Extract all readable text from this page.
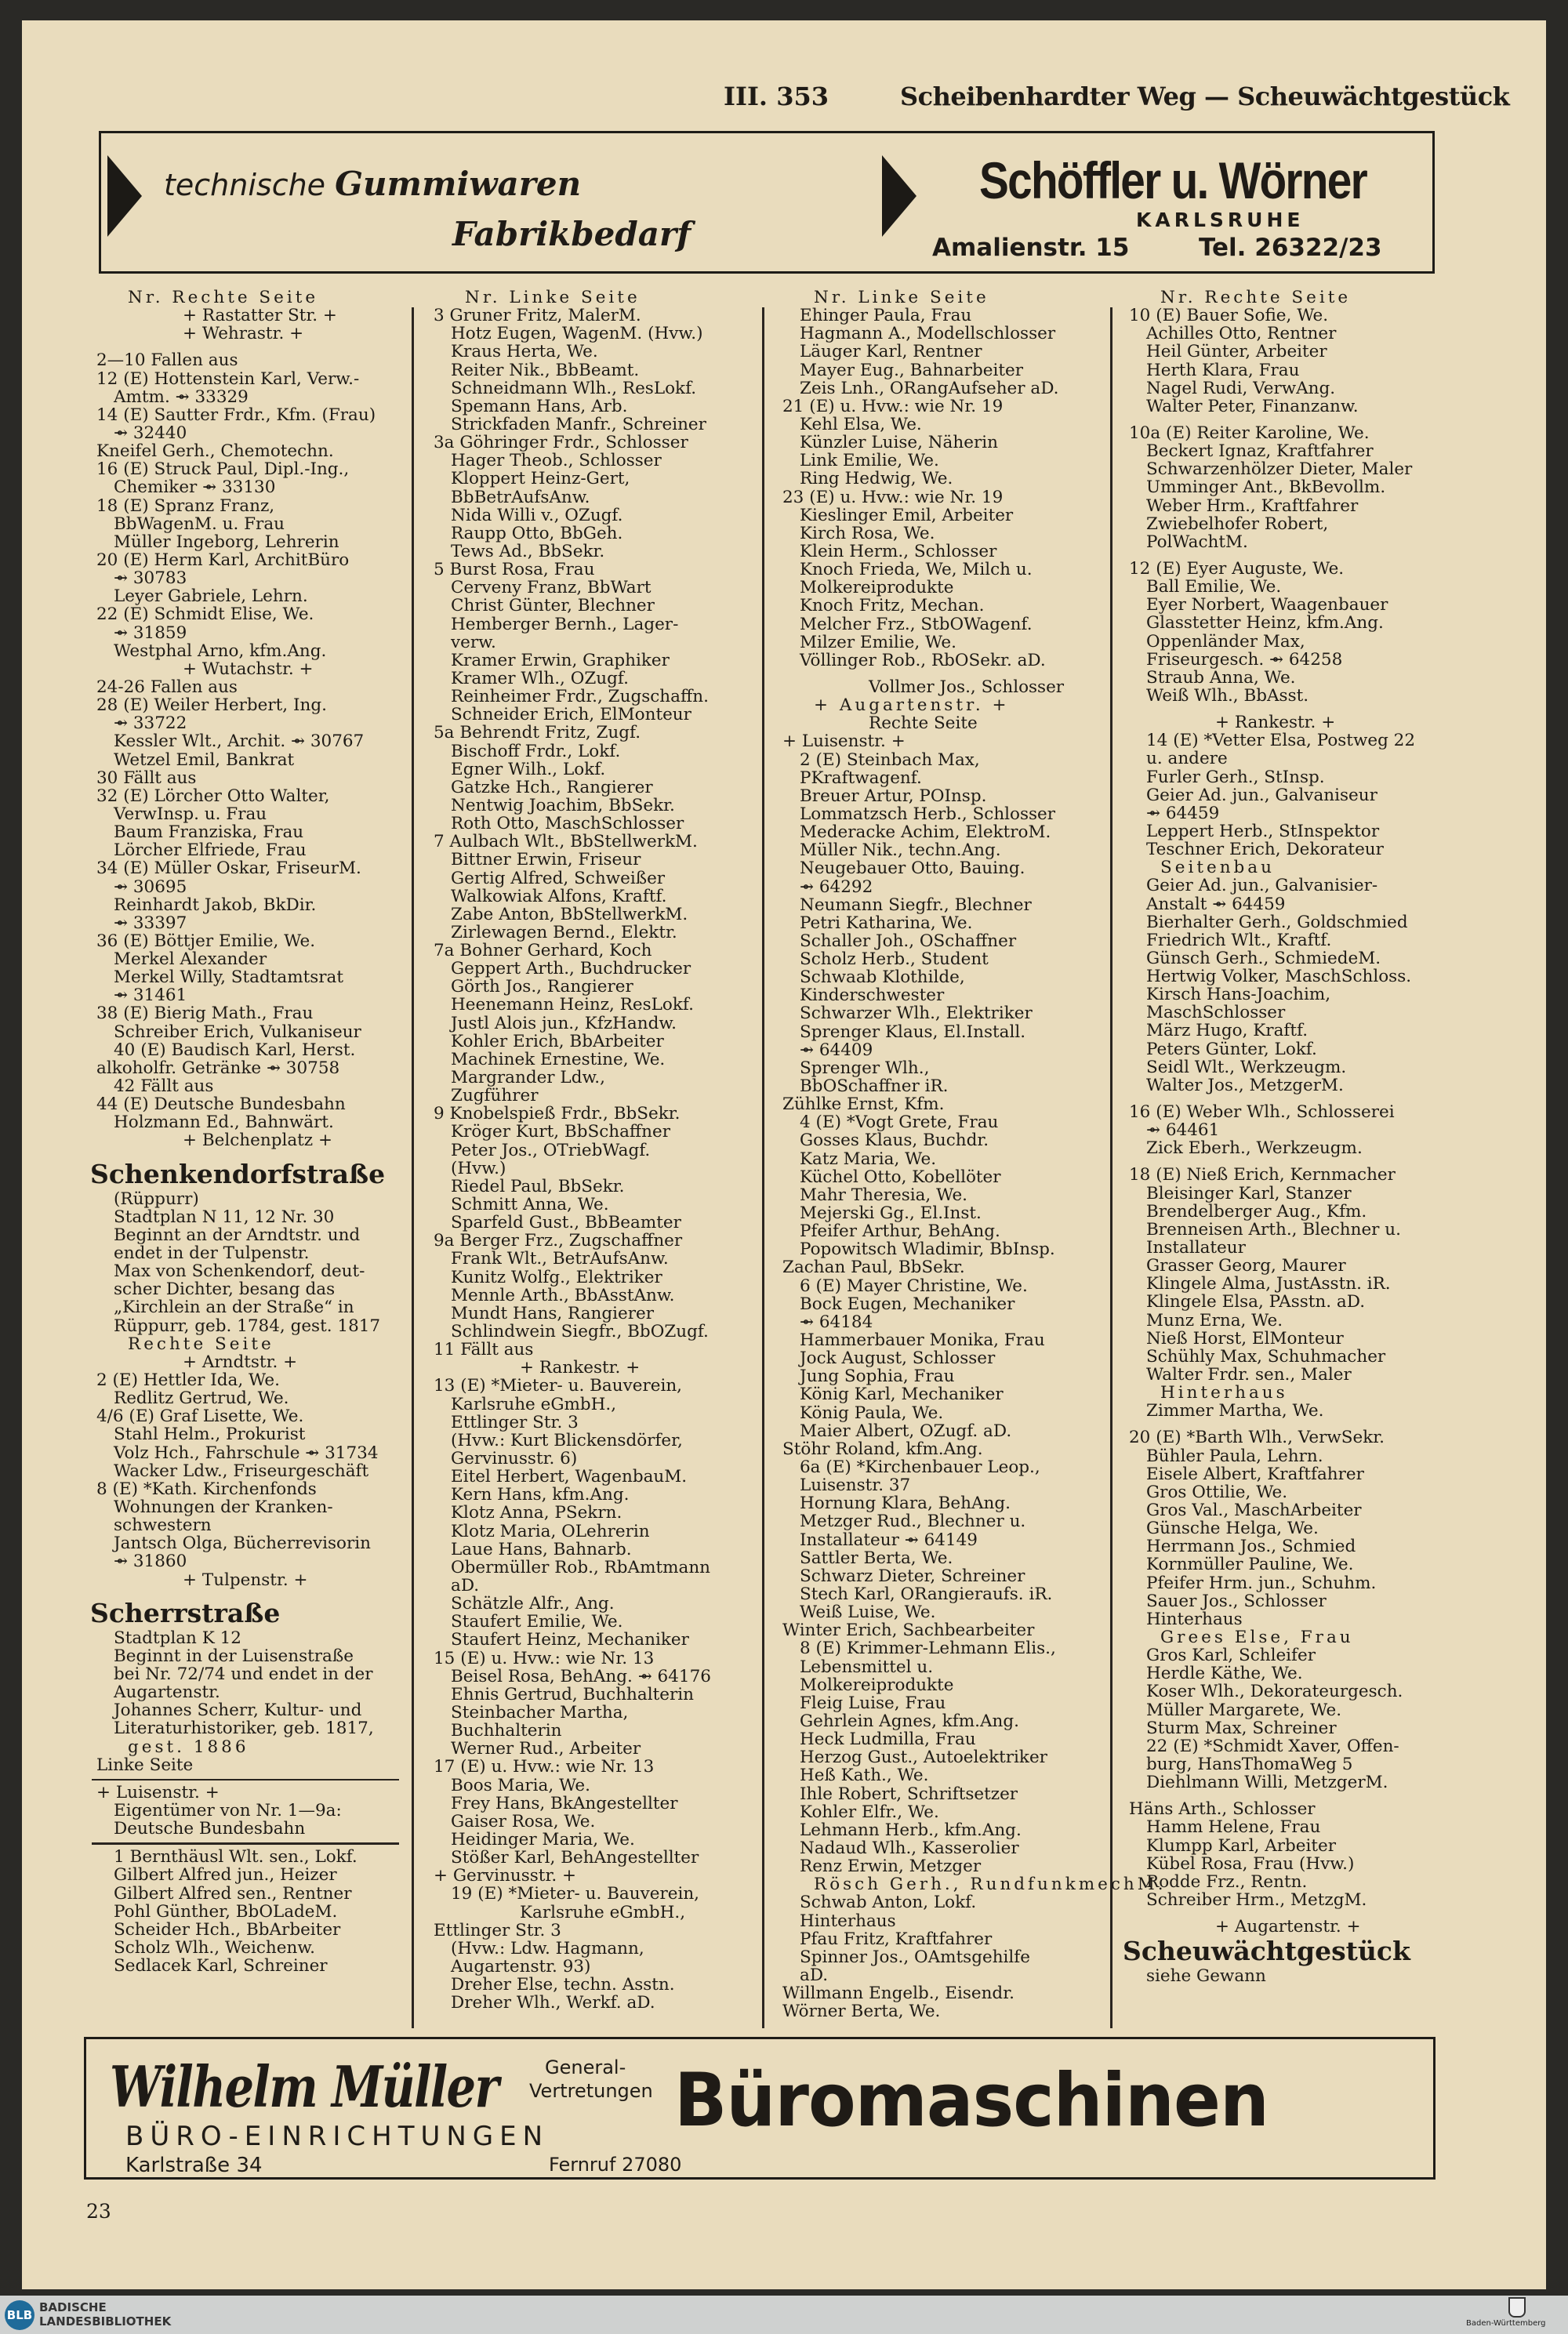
III. 353	Scheibenhardter Weg — Scheuwächtgestück
technische Gummiwaren
Fabrikbedarf
Schöffler u. Wörner
KARLSRUHE
Amalienstr. 15	Tel. 26322/23
Nr. Rechte Seite
+ Rastatter Str. +
+ Wehrastr. +
2—10 Fallen aus
12 (E) Hottenstein Karl, Verw.-
Amtm. ⇴ 33329
14 (E) Sautter Frdr., Kfm. (Frau)
⇴ 32440
Kneifel Gerh., Chemotechn.
16 (E) Struck Paul, Dipl.-Ing.,
Chemiker ⇴ 33130
18 (E) Spranz Franz,
BbWagenM. u. Frau
Müller Ingeborg, Lehrerin
20 (E) Herm Karl, ArchitBüro
⇴ 30783
Leyer Gabriele, Lehrn.
22 (E) Schmidt Elise, We.
⇴ 31859
Westphal Arno, kfm.Ang.
+ Wutachstr. +
24-26 Fallen aus
28 (E) Weiler Herbert, Ing.
⇴ 33722
Kessler Wlt., Archit. ⇴ 30767
Wetzel Emil, Bankrat
30 Fällt aus
32 (E) Lörcher Otto Walter,
VerwInsp. u. Frau
Baum Franziska, Frau
Lörcher Elfriede, Frau
34 (E) Müller Oskar, FriseurM.
⇴ 30695
Reinhardt Jakob, BkDir.
⇴ 33397
36 (E) Böttjer Emilie, We.
Merkel Alexander
Merkel Willy, Stadtamtsrat
⇴ 31461
38 (E) Bierig Math., Frau
Schreiber Erich, Vulkaniseur
40 (E) Baudisch Karl, Herst.
alkoholfr. Getränke ⇴ 30758
42 Fällt aus
44 (E) Deutsche Bundesbahn
Holzmann Ed., Bahnwärt.
+ Belchenplatz +
Schenkendorfstraße
(Rüppurr)
Stadtplan N 11, 12 Nr. 30
Beginnt an der Arndtstr. und
endet in der Tulpenstr.
Max von Schenkendorf, deut-
scher Dichter, besang das
„Kirchlein an der Straße“ in
Rüppurr, geb. 1784, gest. 1817
Rechte Seite
+ Arndtstr. +
2 (E) Hettler Ida, We.
Redlitz Gertrud, We.
4/6 (E) Graf Lisette, We.
Stahl Helm., Prokurist
Volz Hch., Fahrschule ⇴ 31734
Wacker Ldw., Friseurgeschäft
8 (E) *Kath. Kirchenfonds
Wohnungen der Kranken-
schwestern
Jantsch Olga, Bücherrevisorin
⇴ 31860
+ Tulpenstr. +
Scherrstraße
Stadtplan K 12
Beginnt in der Luisenstraße
bei Nr. 72/74 und endet in der
Augartenstr.
Johannes Scherr, Kultur- und
Literaturhistoriker, geb. 1817,
gest. 1886
Linke Seite
+ Luisenstr. +
Eigentümer von Nr. 1—9a:
Deutsche Bundesbahn
1 Bernthäusl Wlt. sen., Lokf.
Gilbert Alfred jun., Heizer
Gilbert Alfred sen., Rentner
Pohl Günther, BbOLadeM.
Scheider Hch., BbArbeiter
Scholz Wlh., Weichenw.
Sedlacek Karl, Schreiner
Nr. Linke Seite
3 Gruner Fritz, MalerM.
Hotz Eugen, WagenM. (Hvw.)
Kraus Herta, We.
Reiter Nik., BbBeamt.
Schneidmann Wlh., ResLokf.
Spemann Hans, Arb.
Strickfaden Manfr., Schreiner
3a Göhringer Frdr., Schlosser
Hager Theob., Schlosser
Kloppert Heinz-Gert,
BbBetrAufsAnw.
Nida Willi v., OZugf.
Raupp Otto, BbGeh.
Tews Ad., BbSekr.
5 Burst Rosa, Frau
Cerveny Franz, BbWart
Christ Günter, Blechner
Hemberger Bernh., Lager-
verw.
Kramer Erwin, Graphiker
Kramer Wlh., OZugf.
Reinheimer Frdr., Zugschaffn.
Schneider Erich, ElMonteur
5a Behrendt Fritz, Zugf.
Bischoff Frdr., Lokf.
Egner Wilh., Lokf.
Gatzke Hch., Rangierer
Nentwig Joachim, BbSekr.
Roth Otto, MaschSchlosser
7 Aulbach Wlt., BbStellwerkM.
Bittner Erwin, Friseur
Gertig Alfred, Schweißer
Walkowiak Alfons, Kraftf.
Zabe Anton, BbStellwerkM.
Zirlewagen Bernd., Elektr.
7a Bohner Gerhard, Koch
Geppert Arth., Buchdrucker
Görth Jos., Rangierer
Heenemann Heinz, ResLokf.
Justl Alois jun., KfzHandw.
Kohler Erich, BbArbeiter
Machinek Ernestine, We.
Margrander Ldw.,
Zugführer
9 Knobelspieß Frdr., BbSekr.
Kröger Kurt, BbSchaffner
Peter Jos., OTriebWagf.
(Hvw.)
Riedel Paul, BbSekr.
Schmitt Anna, We.
Sparfeld Gust., BbBeamter
9a Berger Frz., Zugschaffner
Frank Wlt., BetrAufsAnw.
Kunitz Wolfg., Elektriker
Mennle Arth., BbAsstAnw.
Mundt Hans, Rangierer
Schlindwein Siegfr., BbOZugf.
11 Fällt aus
+ Rankestr. +
13 (E) *Mieter- u. Bauverein,
Karlsruhe eGmbH.,
Ettlinger Str. 3
(Hvw.: Kurt Blickensdörfer,
Gervinusstr. 6)
Eitel Herbert, WagenbauM.
Kern Hans, kfm.Ang.
Klotz Anna, PSekrn.
Klotz Maria, OLehrerin
Laue Hans, Bahnarb.
Obermüller Rob., RbAmtmann
aD.
Schätzle Alfr., Ang.
Staufert Emilie, We.
Staufert Heinz, Mechaniker
15 (E) u. Hvw.: wie Nr. 13
Beisel Rosa, BehAng. ⇴ 64176
Ehnis Gertrud, Buchhalterin
Steinbacher Martha,
Buchhalterin
Werner Rud., Arbeiter
17 (E) u. Hvw.: wie Nr. 13
Boos Maria, We.
Frey Hans, BkAngestellter
Gaiser Rosa, We.
Heidinger Maria, We.
Stößer Karl, BehAngestellter
+ Gervinusstr. +
19 (E) *Mieter- u. Bauverein,
Karlsruhe eGmbH.,
Ettlinger Str. 3
(Hvw.: Ldw. Hagmann,
Augartenstr. 93)
Dreher Else, techn. Asstn.
Dreher Wlh., Werkf. aD.
Nr. Linke Seite
Ehinger Paula, Frau
Hagmann A., Modellschlosser
Läuger Karl, Rentner
Mayer Eug., Bahnarbeiter
Zeis Lnh., ORangAufseher aD.
21 (E) u. Hvw.: wie Nr. 19
Kehl Elsa, We.
Künzler Luise, Näherin
Link Emilie, We.
Ring Hedwig, We.
23 (E) u. Hvw.: wie Nr. 19
Kieslinger Emil, Arbeiter
Kirch Rosa, We.
Klein Herm., Schlosser
Knoch Frieda, We, Milch u.
Molkereiprodukte
Knoch Fritz, Mechan.
Melcher Frz., StbOWagenf.
Milzer Emilie, We.
Völlinger Rob., RbOSekr. aD.
Vollmer Jos., Schlosser
+ Augartenstr. +
Rechte Seite
+ Luisenstr. +
2 (E) Steinbach Max,
PKraftwagenf.
Breuer Artur, POInsp.
Lommatzsch Herb., Schlosser
Mederacke Achim, ElektroM.
Müller Nik., techn.Ang.
Neugebauer Otto, Bauing.
⇴ 64292
Neumann Siegfr., Blechner
Petri Katharina, We.
Schaller Joh., OSchaffner
Scholz Herb., Student
Schwaab Klothilde,
Kinderschwester
Schwarzer Wlh., Elektriker
Sprenger Klaus, El.Install.
⇴ 64409
Sprenger Wlh.,
BbOSchaffner iR.
Zühlke Ernst, Kfm.
4 (E) *Vogt Grete, Frau
Gosses Klaus, Buchdr.
Katz Maria, We.
Küchel Otto, Kobellöter
Mahr Theresia, We.
Mejerski Gg., El.Inst.
Pfeifer Arthur, BehAng.
Popowitsch Wladimir, BbInsp.
Zachan Paul, BbSekr.
6 (E) Mayer Christine, We.
Bock Eugen, Mechaniker
⇴ 64184
Hammerbauer Monika, Frau
Jock August, Schlosser
Jung Sophia, Frau
König Karl, Mechaniker
König Paula, We.
Maier Albert, OZugf. aD.
Stöhr Roland, kfm.Ang.
6a (E) *Kirchenbauer Leop.,
Luisenstr. 37
Hornung Klara, BehAng.
Metzger Rud., Blechner u.
Installateur ⇴ 64149
Sattler Berta, We.
Schwarz Dieter, Schreiner
Stech Karl, ORangieraufs. iR.
Weiß Luise, We.
Winter Erich, Sachbearbeiter
8 (E) Krimmer-Lehmann Elis.,
Lebensmittel u.
Molkereiprodukte
Fleig Luise, Frau
Gehrlein Agnes, kfm.Ang.
Heck Ludmilla, Frau
Herzog Gust., Autoelektriker
Heß Kath., We.
Ihle Robert, Schriftsetzer
Kohler Elfr., We.
Lehmann Herb., kfm.Ang.
Nadaud Wlh., Kasserolier
Renz Erwin, Metzger
Rösch Gerh., RundfunkmechM.
Schwab Anton, Lokf.
Hinterhaus
Pfau Fritz, Kraftfahrer
Spinner Jos., OAmtsgehilfe
aD.
Willmann Engelb., Eisendr.
Wörner Berta, We.
Nr. Rechte Seite
10 (E) Bauer Sofie, We.
Achilles Otto, Rentner
Heil Günter, Arbeiter
Herth Klara, Frau
Nagel Rudi, VerwAng.
Walter Peter, Finanzanw.
10a (E) Reiter Karoline, We.
Beckert Ignaz, Kraftfahrer
Schwarzenhölzer Dieter, Maler
Umminger Ant., BkBevollm.
Weber Hrm., Kraftfahrer
Zwiebelhofer Robert,
PolWachtM.
12 (E) Eyer Auguste, We.
Ball Emilie, We.
Eyer Norbert, Waagenbauer
Glasstetter Heinz, kfm.Ang.
Oppenländer Max,
Friseurgesch. ⇴ 64258
Straub Anna, We.
Weiß Wlh., BbAsst.
+ Rankestr. +
14 (E) *Vetter Elsa, Postweg 22
u. andere
Furler Gerh., StInsp.
Geier Ad. jun., Galvaniseur
⇴ 64459
Leppert Herb., StInspektor
Teschner Erich, Dekorateur
Seitenbau
Geier Ad. jun., Galvanisier-
Anstalt ⇴ 64459
Bierhalter Gerh., Goldschmied
Friedrich Wlt., Kraftf.
Günsch Gerh., SchmiedeM.
Hertwig Volker, MaschSchloss.
Kirsch Hans-Joachim,
MaschSchlosser
März Hugo, Kraftf.
Peters Günter, Lokf.
Seidl Wlt., Werkzeugm.
Walter Jos., MetzgerM.
16 (E) Weber Wlh., Schlosserei
⇴ 64461
Zick Eberh., Werkzeugm.
18 (E) Nieß Erich, Kernmacher
Bleisinger Karl, Stanzer
Brendelberger Aug., Kfm.
Brenneisen Arth., Blechner u.
Installateur
Grasser Georg, Maurer
Klingele Alma, JustAsstn. iR.
Klingele Elsa, PAsstn. aD.
Munz Erna, We.
Nieß Horst, ElMonteur
Schühly Max, Schuhmacher
Walter Frdr. sen., Maler
Hinterhaus
Zimmer Martha, We.
20 (E) *Barth Wlh., VerwSekr.
Bühler Paula, Lehrn.
Eisele Albert, Kraftfahrer
Gros Ottilie, We.
Gros Val., MaschArbeiter
Günsche Helga, We.
Herrmann Jos., Schmied
Kornmüller Pauline, We.
Pfeifer Hrm. jun., Schuhm.
Sauer Jos., Schlosser
Hinterhaus
Grees Else, Frau
Gros Karl, Schleifer
Herdle Käthe, We.
Koser Wlh., Dekorateurgesch.
Müller Margarete, We.
Sturm Max, Schreiner
22 (E) *Schmidt Xaver, Offen-
burg, HansThomaWeg 5
Diehlmann Willi, MetzgerM.
Häns Arth., Schlosser
Hamm Helene, Frau
Klumpp Karl, Arbeiter
Kübel Rosa, Frau (Hvw.)
Rodde Frz., Rentn.
Schreiber Hrm., MetzgM.
+ Augartenstr. +
Scheuwächtgestück
siehe Gewann
Wilhelm Müller	General-
Vertretungen
BÜRO-EINRICHTUNGEN Büromaschinen
Karlstraße 34	Fernruf 27080
23
BLB
BADISCHE
LANDESBIBLIOTHEK	Baden-Württemberg
